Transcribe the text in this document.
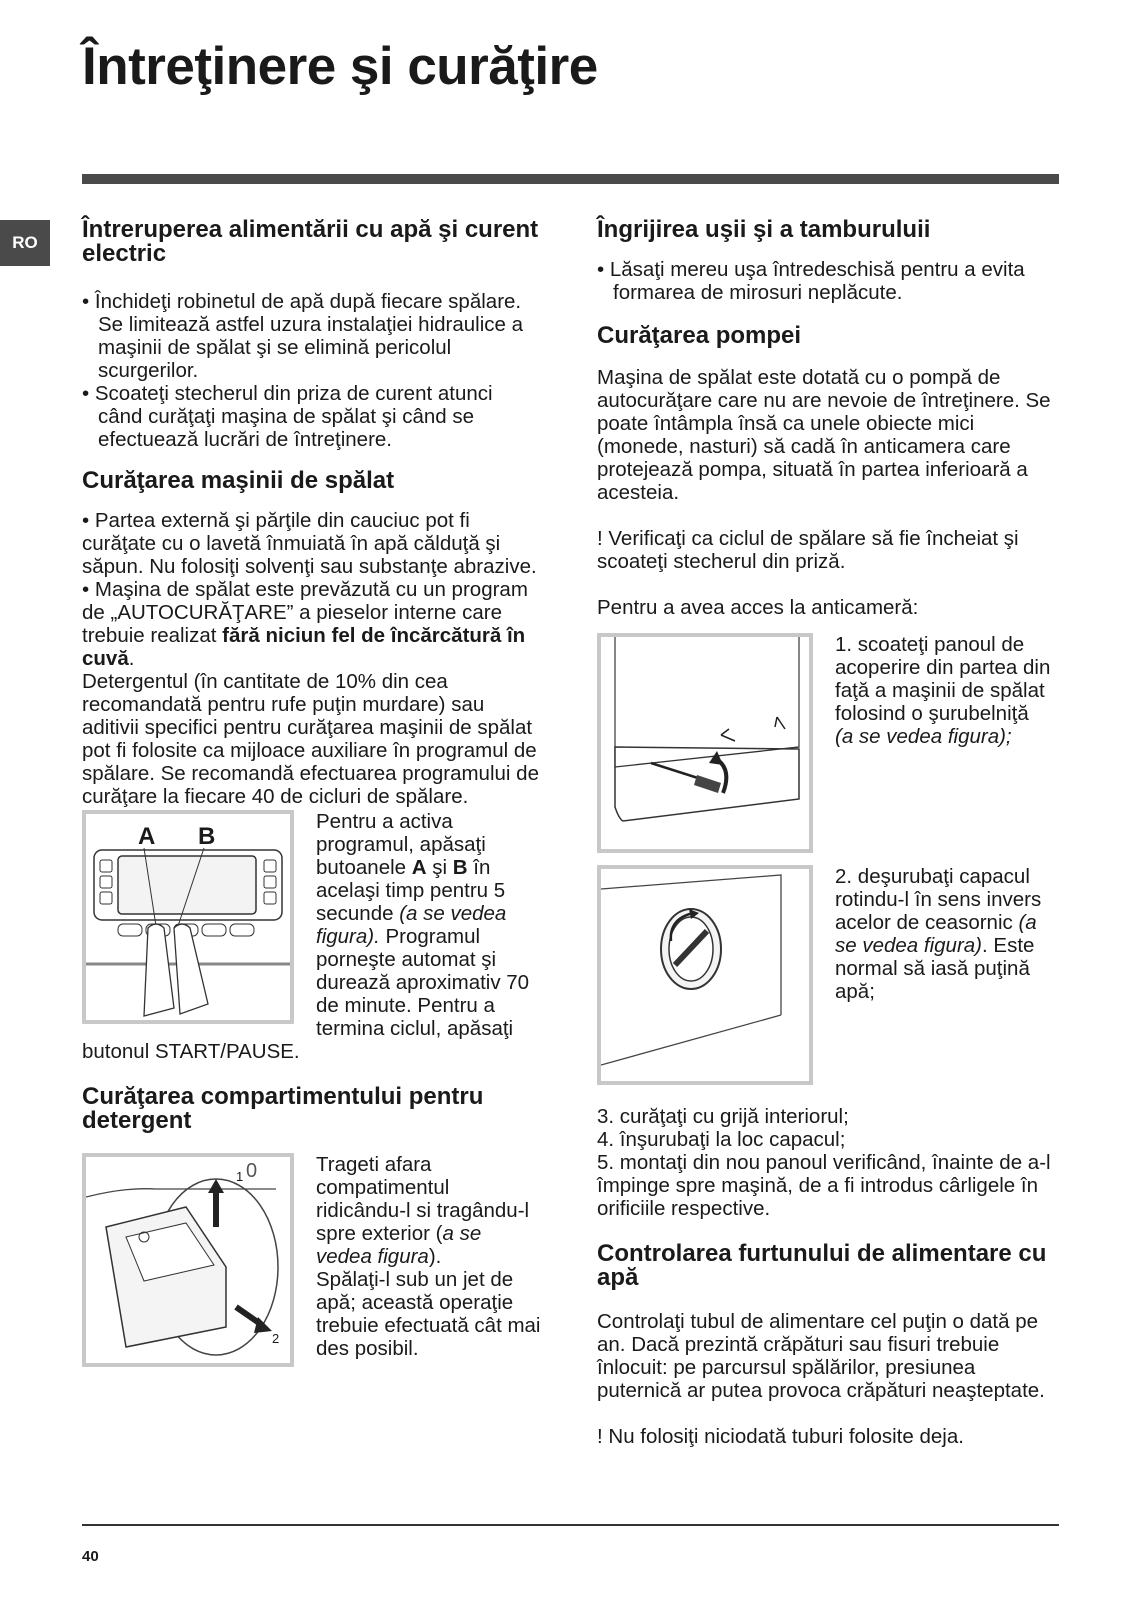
Întreţinere şi curăţire
RO	Întreruperea alimentării cu apă şi curent electric

• Închideţi robinetul de apă după fiecare spălare. Se limitează astfel uzura instalaţiei hidraulice a maşinii de spălat şi se elimină pericolul scurgerilor.

• Scoateţi stecherul din priza de curent atunci când curăţaţi maşina de spălat şi când se efectuează lucrări de întreţinere.

Curăţarea maşinii de spălat

• Partea externă şi părţile din cauciuc pot fi curăţate cu o lavetă înmuiată în apă călduţă şi săpun. Nu folosiţi solvenţi sau substanţe abrazive.

• Maşina de spălat este prevăzută cu un program de „AUTOCURĂŢARE” a pieselor interne care trebuie realizat fără niciun fel de încărcătură în cuvă.

Detergentul (în cantitate de 10% din cea recomandată pentru rufe puţin murdare) sau aditivii specifici pentru curăţarea maşinii de spălat pot fi folosite ca mijloace auxiliare în programul de spălare. Se recomandă efectuarea programului de curăţare la fiecare 40 de cicluri de spălare.

A B

Pentru a activa programul, apăsaţi butoanele A şi B în acelaşi timp pentru 5 secunde (a se vedea figura). Programul porneşte automat şi durează aproximativ 70 de minute. Pentru a termina ciclul, apăsaţi butonul START/PAUSE.

Curăţarea compartimentului pentru detergent

1
2
0	Trageti afara compatimentul ridicându-l si tragându-l spre exterior (a se vedea figura).

Spălaţi-l sub un jet de apă; această operaţie trebuie efectuată cât mai des posibil.

Îngrijirea uşii şi a tamburuluii

• Lăsaţi mereu uşa întredeschisă pentru a evita formarea de mirosuri neplăcute.

Curăţarea pompei

Maşina de spălat este dotată cu o pompă de autocurăţare care nu are nevoie de întreţinere. Se poate întâmpla însă ca unele obiecte mici (monede, nasturi) să cadă în anticamera care protejează pompa, situată în partea inferioară a acesteia.

! Verificaţi ca ciclul de spălare să fie încheiat şi scoateţi stecherul din priză.

Pentru a avea acces la anticameră:

1. scoateţi panoul de acoperire din partea din faţă a maşinii de spălat folosind o şurubelniţă

(a se vedea figura);

2. deşurubaţi capacul rotindu-l în sens invers acelor de ceasornic (a se vedea figura). Este normal să iasă puţină apă;

3. curăţaţi cu grijă interiorul;

4. înşurubaţi la loc capacul;

5. montaţi din nou panoul verificând, înainte de a-l împinge spre maşină, de a fi introdus cârligele în orificiile respective.

Controlarea furtunului de alimentare cu apă

Controlaţi tubul de alimentare cel puţin o dată pe an. Dacă prezintă crăpături sau fisuri trebuie înlocuit: pe parcursul spălărilor, presiunea puternică ar putea provoca crăpături neaşteptate.

! Nu folosiţi niciodată tuburi folosite deja.

40
